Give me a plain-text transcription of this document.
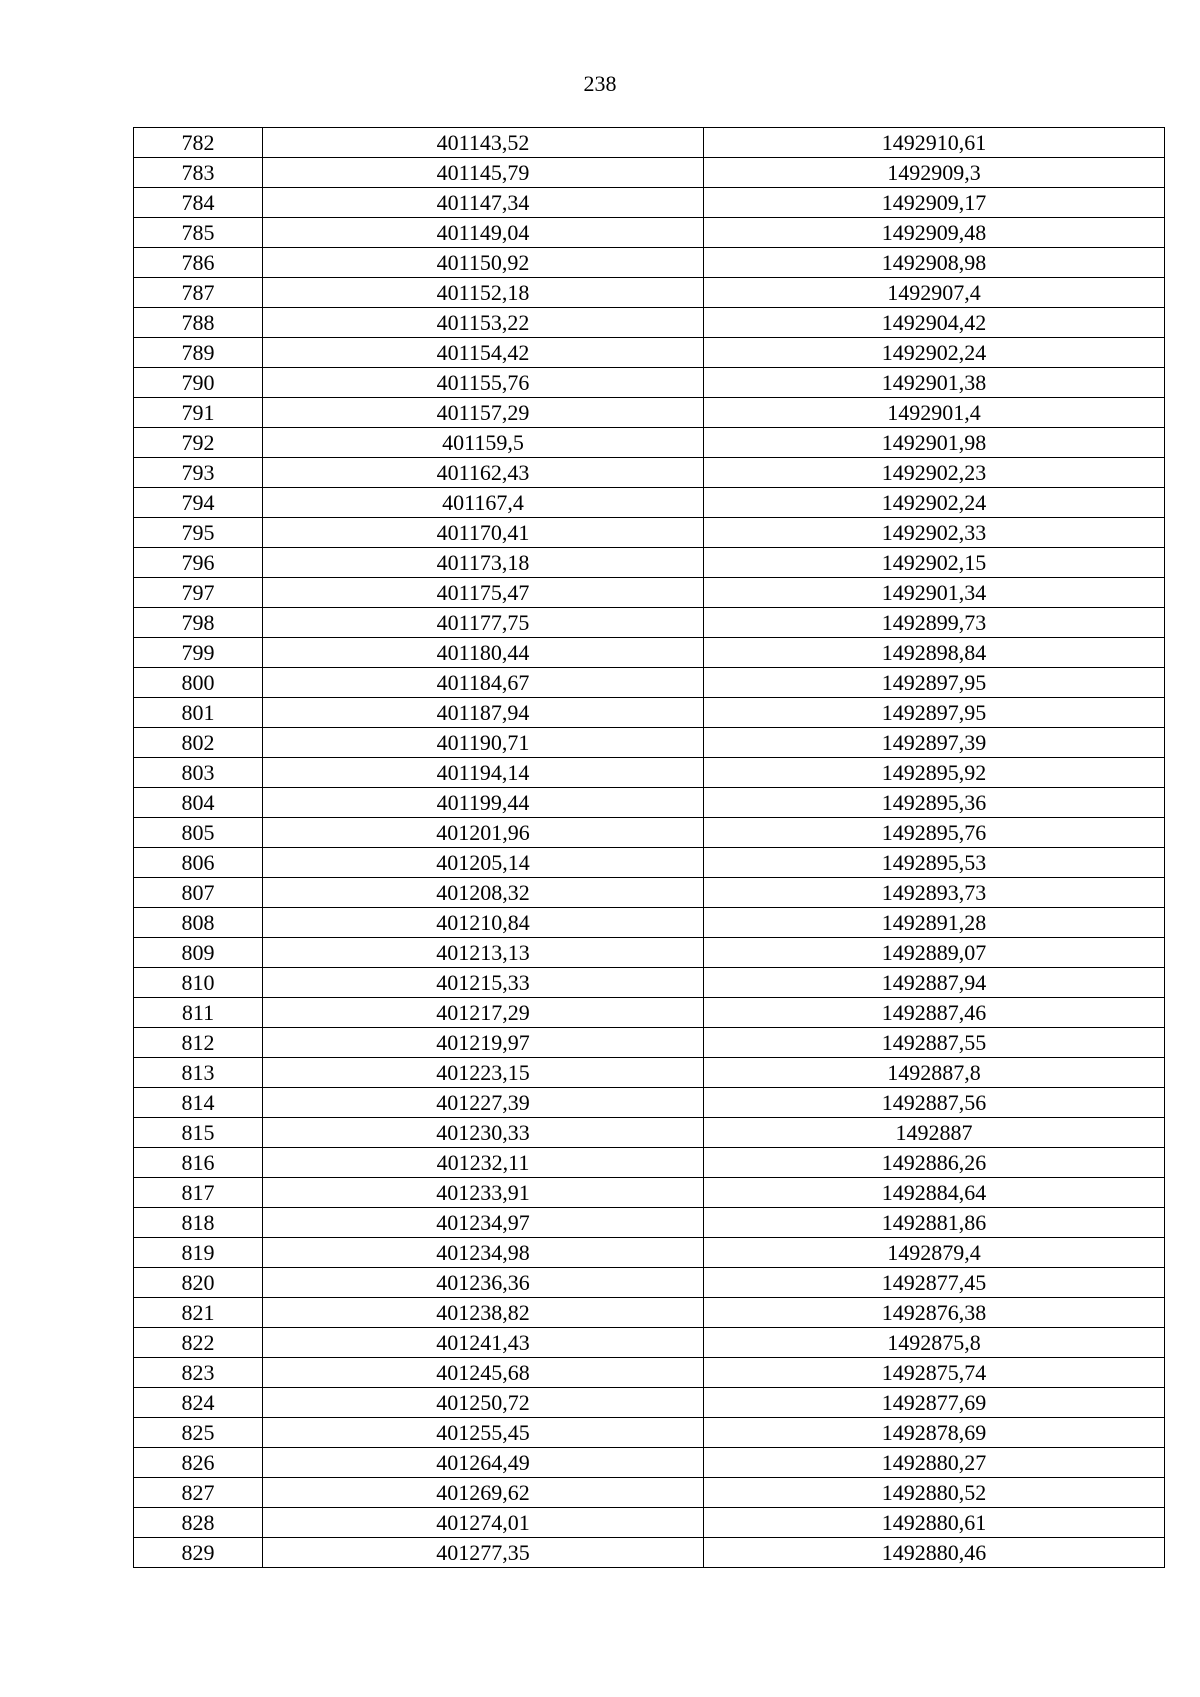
238
782	401143,52	1492910,61
783	401145,79	1492909,3
784	401147,34	1492909,17
785	401149,04	1492909,48
786	401150,92	1492908,98
787	401152,18	1492907,4
788	401153,22	1492904,42
789	401154,42	1492902,24
790	401155,76	1492901,38
791	401157,29	1492901,4
792	401159,5	1492901,98
793	401162,43	1492902,23
794	401167,4	1492902,24
795	401170,41	1492902,33
796	401173,18	1492902,15
797	401175,47	1492901,34
798	401177,75	1492899,73
799	401180,44	1492898,84
800	401184,67	1492897,95
801	401187,94	1492897,95
802	401190,71	1492897,39
803	401194,14	1492895,92
804	401199,44	1492895,36
805	401201,96	1492895,76
806	401205,14	1492895,53
807	401208,32	1492893,73
808	401210,84	1492891,28
809	401213,13	1492889,07
810	401215,33	1492887,94
811	401217,29	1492887,46
812	401219,97	1492887,55
813	401223,15	1492887,8
814	401227,39	1492887,56
815	401230,33	1492887
816	401232,11	1492886,26
817	401233,91	1492884,64
818	401234,97	1492881,86
819	401234,98	1492879,4
820	401236,36	1492877,45
821	401238,82	1492876,38
822	401241,43	1492875,8
823	401245,68	1492875,74
824	401250,72	1492877,69
825	401255,45	1492878,69
826	401264,49	1492880,27
827	401269,62	1492880,52
828	401274,01	1492880,61
829	401277,35	1492880,46
